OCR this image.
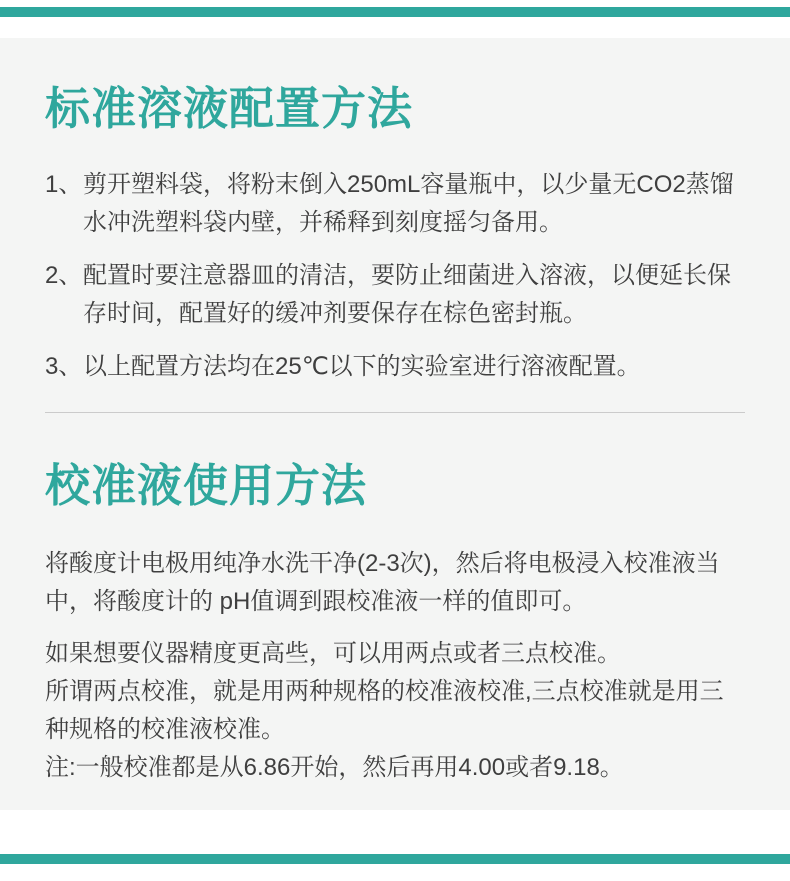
标准溶液配置方法
1、 剪开塑料袋，将粉末倒入250mL容量瓶中，以少量无CO2蒸馏
水冲洗塑料袋内壁，并稀释到刻度摇匀备用。
2、 配置时要注意器皿的清洁，要防止细菌进入溶液，以便延长保
存时间，配置好的缓冲剂要保存在棕色密封瓶。
3、 以上配置方法均在25℃以下的实验室进行溶液配置。
校准液使用方法
将酸度计电极用纯净水洗干净(2-3次)，然后将电极浸入校准液当
中，将酸度计的 pH值调到跟校准液一样的值即可。
如果想要仪器精度更高些，可以用两点或者三点校准。
所谓两点校准，就是用两种规格的校准液校准,三点校准就是用三
种规格的校准液校准。
注:一般校准都是从6.86开始，然后再用4.00或者9.18。
